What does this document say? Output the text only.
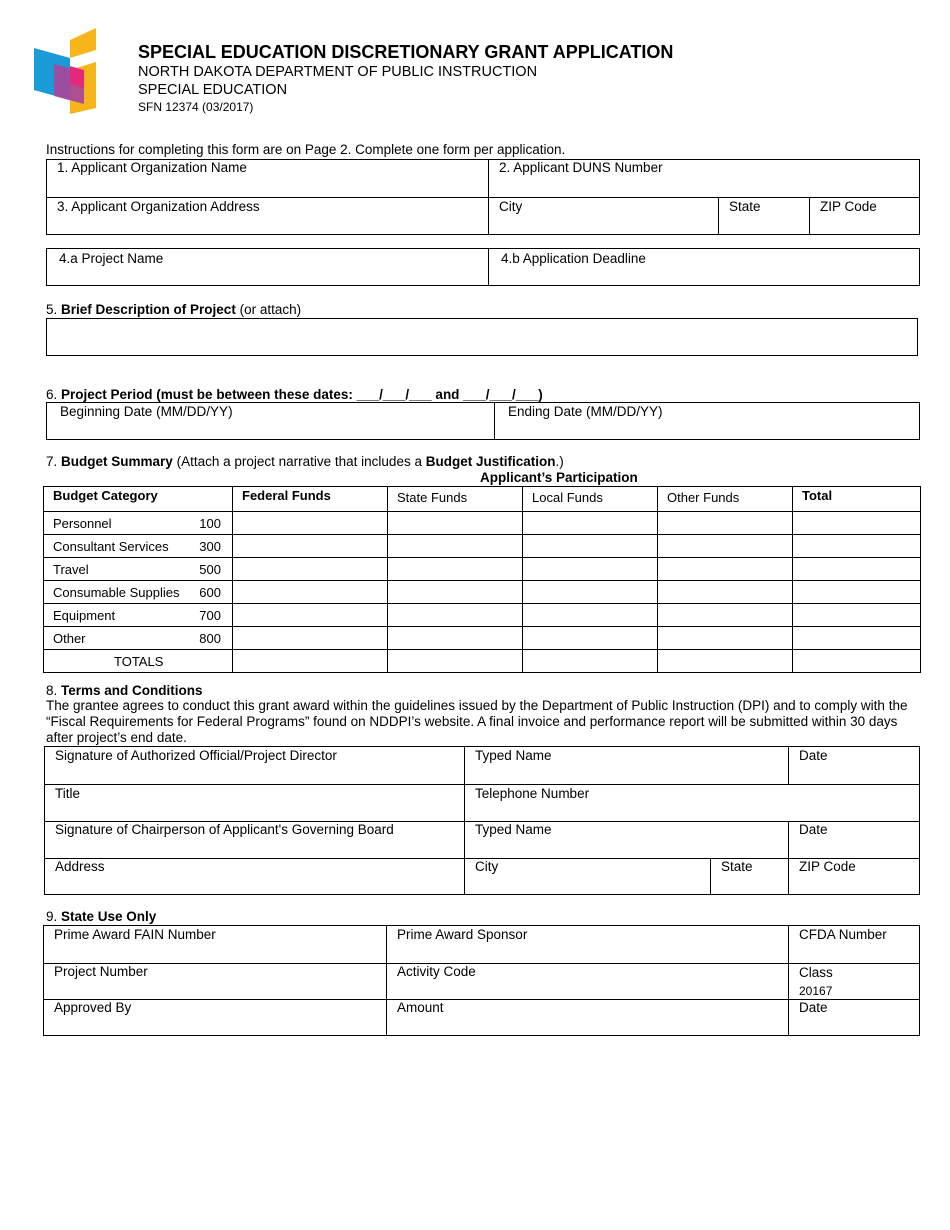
SPECIAL EDUCATION DISCRETIONARY GRANT APPLICATION
NORTH DAKOTA DEPARTMENT OF PUBLIC INSTRUCTION
SPECIAL EDUCATION
SFN 12374 (03/2017)
Instructions for completing this form are on Page 2. Complete one form per application.
1. Applicant Organization Name	2. Applicant DUNS Number
3. Applicant Organization Address	City	State	ZIP Code
4.a Project Name	4.b Application Deadline
5. Brief Description of Project (or attach)
6. Project Period (must be between these dates: ___/___/___ and ___/___/___)
Beginning Date (MM/DD/YY)	Ending Date (MM/DD/YY)
7. Budget Summary (Attach a project narrative that includes a Budget Justification.)
Applicant’s Participation
Budget Category	Federal Funds	State Funds	Local Funds	Other Funds	Total
Personnel 100					

Consultant Services 300					

Travel 500					

Consumable Supplies 600					

Equipment 700					

Other 800					

TOTALS					
8. Terms and Conditions
The grantee agrees to conduct this grant award within the guidelines issued by the Department of Public Instruction (DPI) and to comply with the “Fiscal Requirements for Federal Programs” found on NDDPI’s website. A final invoice and performance report will be submitted within 30 days after project’s end date.
Signature of Authorized Official/Project Director	Typed Name	Date
Title	Telephone Number
Signature of Chairperson of Applicant's Governing Board	Typed Name	Date
Address	City	State	ZIP Code
9. State Use Only
Prime Award FAIN Number	Prime Award Sponsor	CFDA Number
Project Number	Activity Code	Class
20167
Approved By	Amount	Date
